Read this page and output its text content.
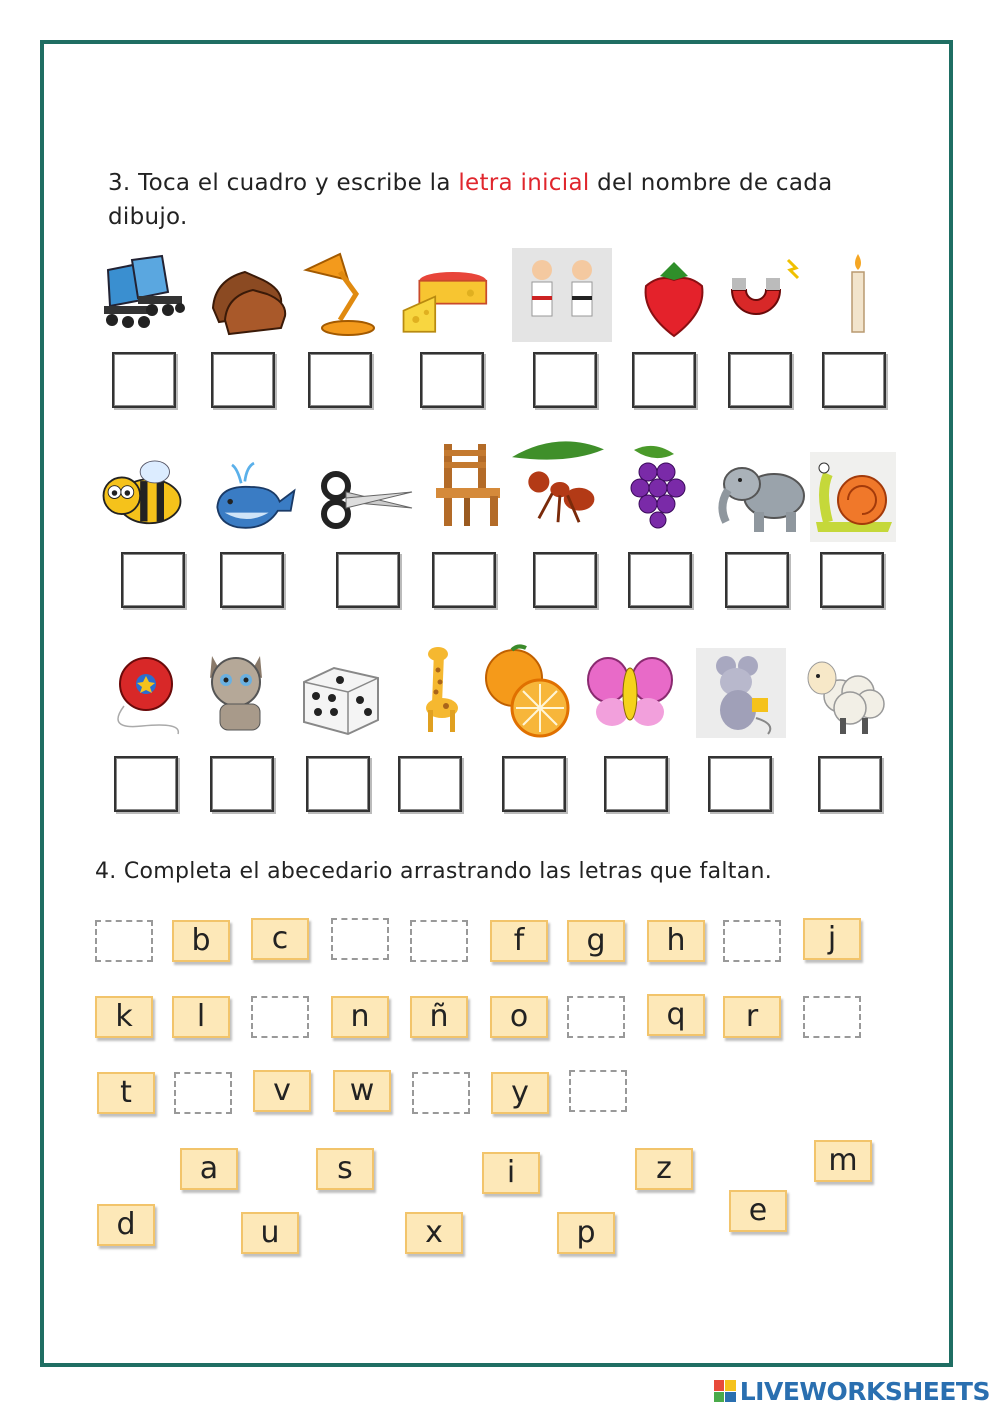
3. Toca el cuadro y escribe la letra inicial del nombre de cada
dibujo.
4. Completa el abecedario arrastrando las letras que faltan.
b	c	f	g	h	j
k	l	n	ñ	o	q	r
t	v	w	y
a	s	i	z	m
d	u	x	p
e
LIVEWORKSHEETS
